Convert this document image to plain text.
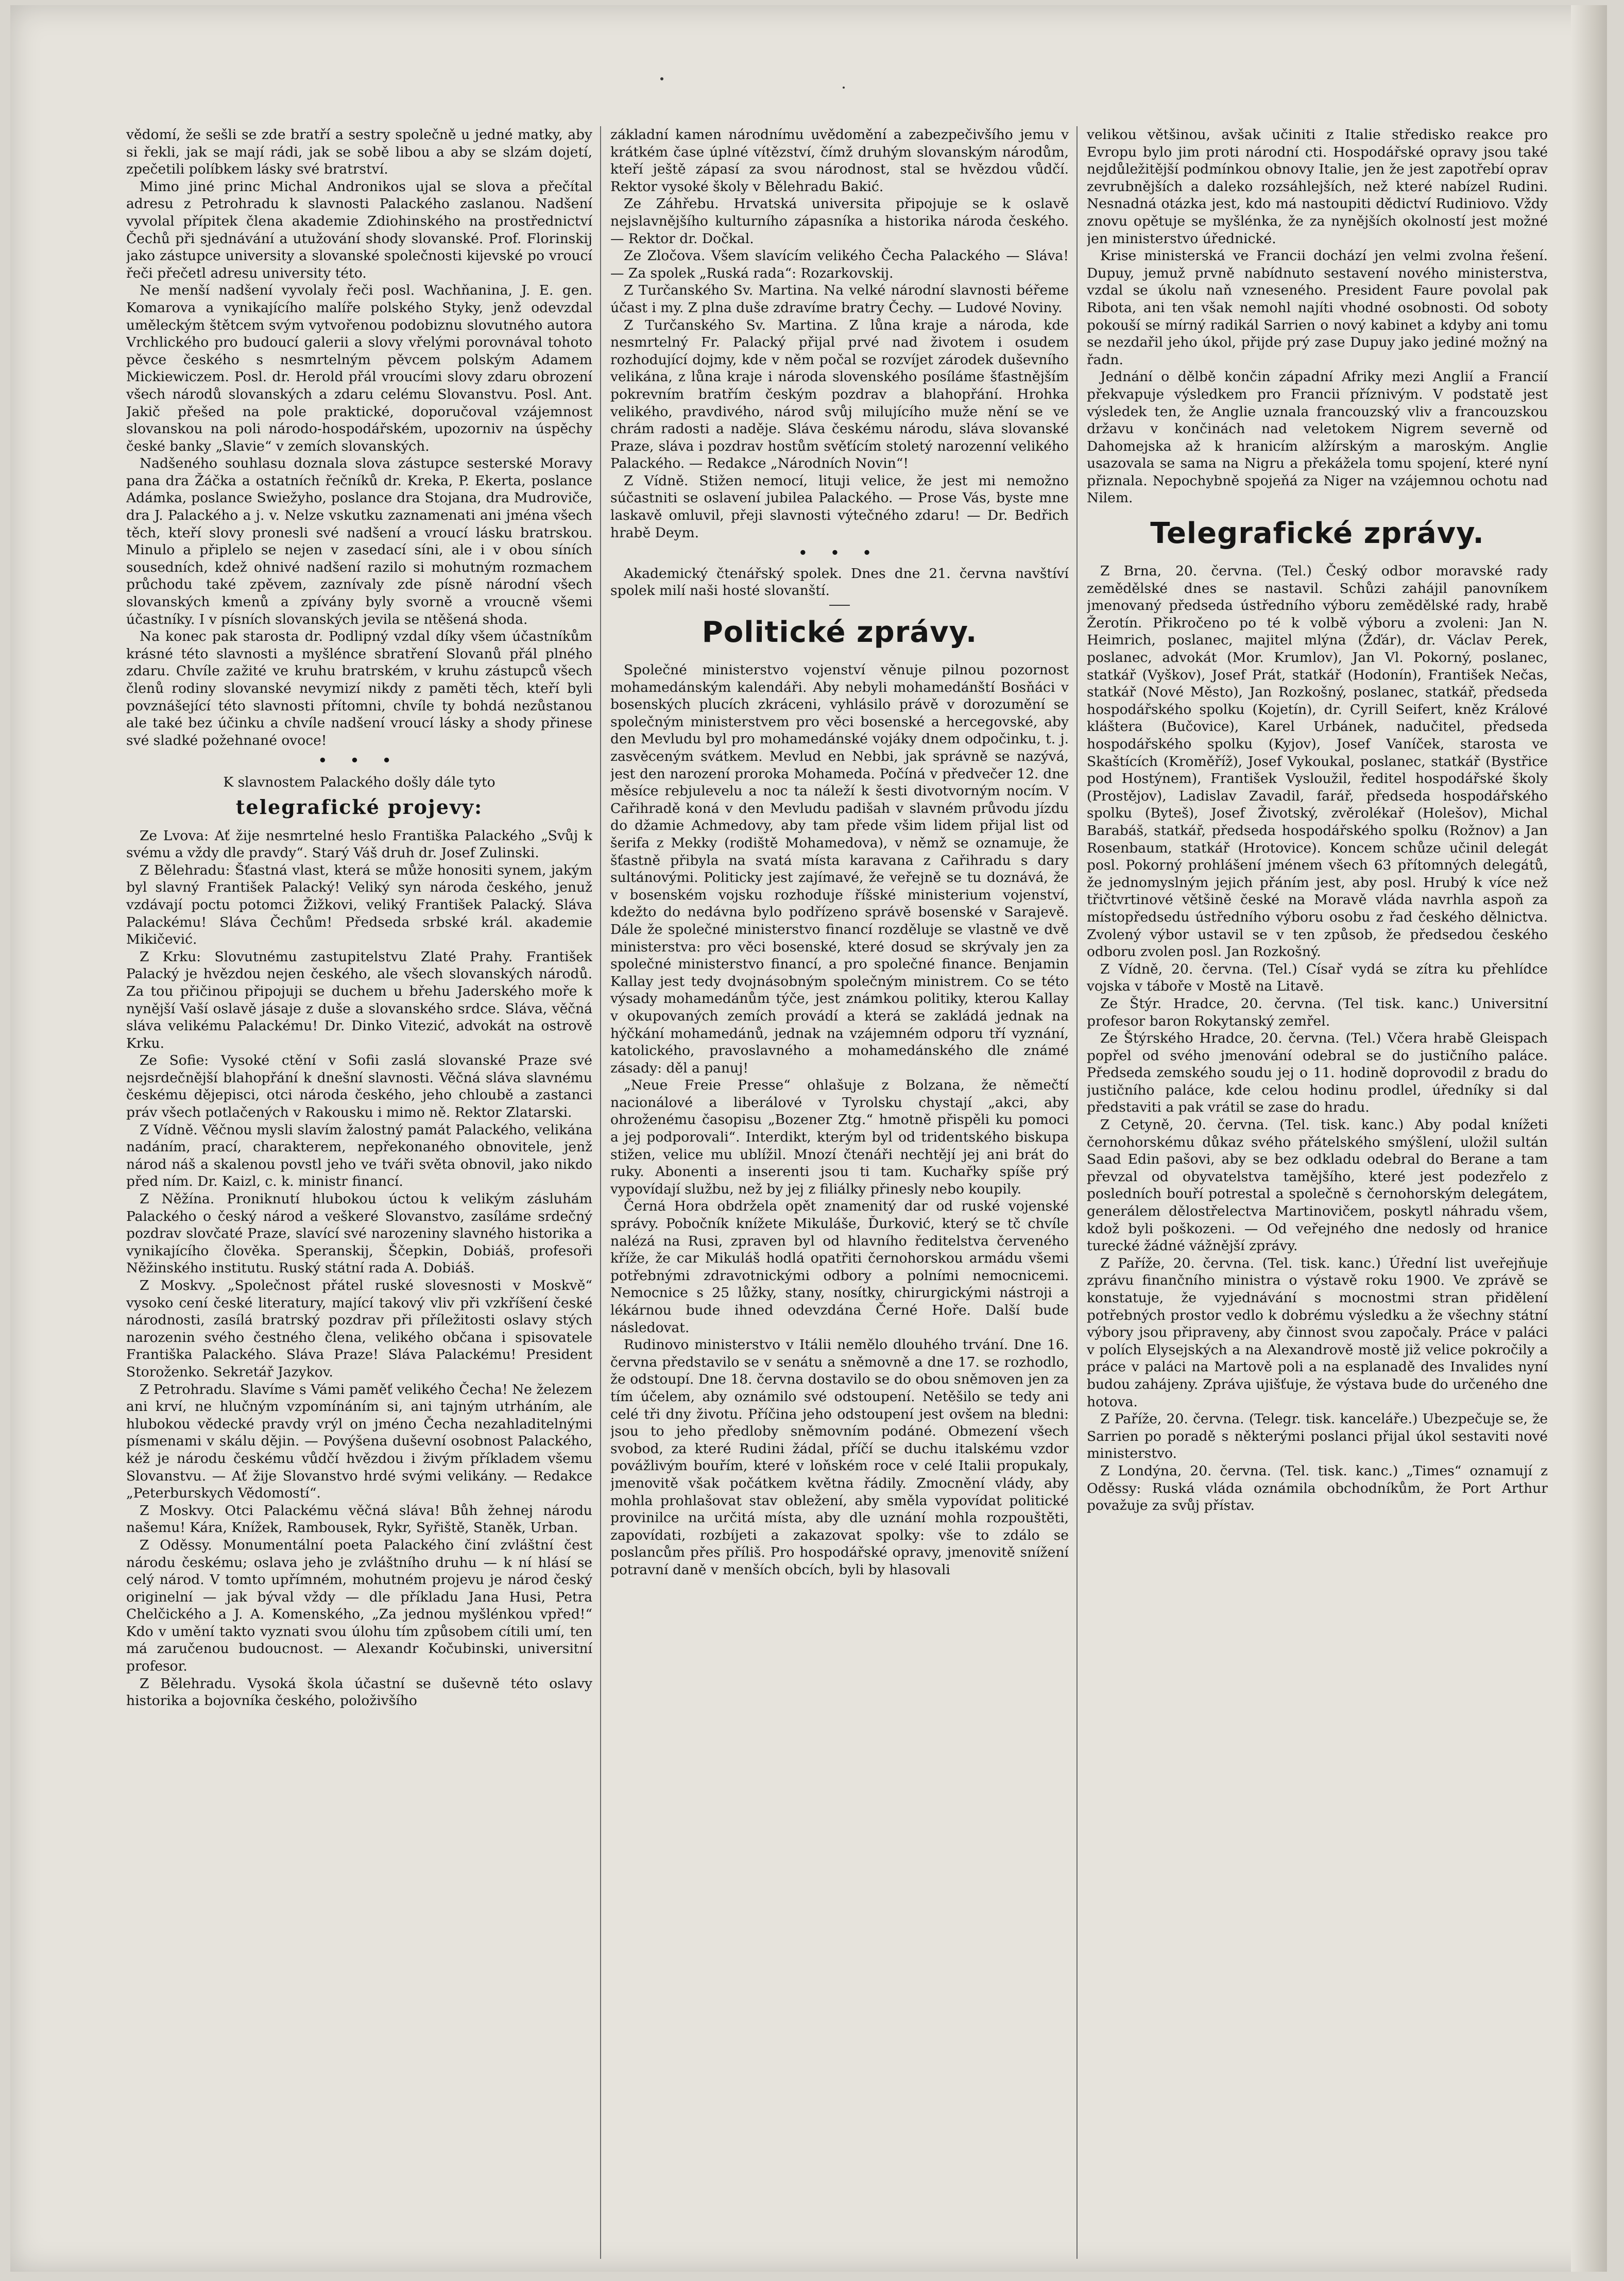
vědomí, že sešli se zde bratří a sestry společně u jedné matky, aby si řekli, jak se mají rádi, jak se sobě libou a aby se slzám dojetí, zpečetili políbkem lásky své bratrství.

Mimo jiné princ Michal Andronikos ujal se slova a přečítal adresu z Petrohradu k slavnosti Palackého zaslanou. Nadšení vyvolal přípitek člena akademie Zdiohinského na prostřednictví Čechů při sjednávání a utužování shody slovanské. Prof. Florinskij jako zástupce university a slovanské společnosti kijevské po vroucí řeči přečetl adresu university této.

Ne menší nadšení vyvolaly řeči posl. Wachňanina, J. E. gen. Komarova a vynikajícího malíře polského Styky, jenž odevzdal uměleckým štětcem svým vytvořenou podobiznu slovutného autora Vrchlického pro budoucí galerii a slovy vřelými porovnával tohoto pěvce českého s nesmrtelným pěvcem polským Adamem Mickiewiczem. Posl. dr. Herold přál vroucími slovy zdaru obrození všech národů slovanských a zdaru celému Slovanstvu. Posl. Ant. Jakič přešed na pole praktické, doporučoval vzájemnost slovanskou na poli národo-hospodářském, upozorniv na úspěchy české banky „Slavie“ v zemích slovanských.

Nadšeného souhlasu doznala slova zástupce sesterské Moravy pana dra Žáčka a ostatních řečníků dr. Kreka, P. Ekerta, poslance Adámka, poslance Swiežyho, poslance dra Stojana, dra Mudroviče, dra J. Palackého a j. v. Nelze vskutku zaznamenati ani jména všech těch, kteří slovy pronesli své nadšení a vroucí lásku bratrskou. Minulo a připlelo se nejen v zasedací síni, ale i v obou síních sousedních, kdež ohnivé nadšení razilo si mohutným rozmachem průchodu také zpěvem, zaznívaly zde písně národní všech slovanských kmenů a zpívány byly svorně a vroucně všemi účastníky. I v písních slovanských jevila se ntěšená shoda.

Na konec pak starosta dr. Podlipný vzdal díky všem účastníkům krásné této slavnosti a myšlénce sbratření Slovanů přál plného zdaru. Chvíle zažité ve kruhu bratrském, v kruhu zástupců všech členů rodiny slovanské nevymizí nikdy z paměti těch, kteří byli povznášející této slavnosti přítomni, chvíle ty bohdá nezůstanou ale také bez účinku a chvíle nadšení vroucí lásky a shody přinese své sladké požehnané ovoce!

• • •

K slavnostem Palackého došly dále tyto

telegrafické projevy:

Ze Lvova: Ať žije nesmrtelné heslo Františka Palackého „Svůj k svému a vždy dle pravdy“. Starý Váš druh dr. Josef Zulinski.

Z Bělehradu: Šťastná vlast, která se může honositi synem, jakým byl slavný František Palacký! Veliký syn národa českého, jenuž vzdávají poctu potomci Žižkovi, veliký František Palacký. Sláva Palackému! Sláva Čechům! Předseda srbské král. akademie Mikičević.

Z Krku: Slovutnému zastupitelstvu Zlaté Prahy. František Palacký je hvězdou nejen českého, ale všech slovanských národů. Za tou přičinou připojuji se duchem u břehu Jaderského moře k nynější Vaší oslavě jásaje z duše a slovanského srdce. Sláva, věčná sláva velikému Palackému! Dr. Dinko Vitezić, advokát na ostrově Krku.

Ze Sofie: Vysoké ctění v Sofii zaslá slovanské Praze své nejsrdečnější blahopřání k dnešní slavnosti. Věčná sláva slavnému českému dějepisci, otci národa českého, jeho chloubě a zastanci práv všech potlačených v Rakousku i mimo ně. Rektor Zlatarski.

Z Vídně. Věčnou mysli slavím žalostný památ Palackého, velikána nadáním, prací, charakterem, nepřekonaného obnovitele, jenž národ náš a skalenou povstl jeho ve tváři světa obnovil, jako nikdo před ním. Dr. Kaizl, c. k. ministr financí.

Z Něžína. Proniknutí hlubokou úctou k velikým zásluhám Palackého o český národ a veškeré Slovanstvo, zasíláme srdečný pozdrav slovčaté Praze, slavící své narozeniny slavného historika a vynikajícího člověka. Speranskij, Ščepkin, Dobiáš, profesoři Něžinského institutu. Ruský státní rada A. Dobiáš.

Z Moskvy. „Společnost přátel ruské slovesnosti v Moskvě“ vysoko cení české literatury, mající takový vliv při vzkříšení české národnosti, zasílá bratrský pozdrav při příležitosti oslavy stých narozenin svého čestného člena, velikého občana i spisovatele Františka Palackého. Sláva Praze! Sláva Palackému! President Storoženko. Sekretář Jazykov.

Z Petrohradu. Slavíme s Vámi paměť velikého Čecha! Ne železem ani krví, ne hlučným vzpomínáním si, ani tajným utrháním, ale hlubokou vědecké pravdy vrýl on jméno Čecha nezahladitelnými písmenami v skálu dějin. — Povýšena duševní osobnost Palackého, kéž je národu českému vůdčí hvězdou i živým příkladem všemu Slovanstvu. — Ať žije Slovanstvo hrdé svými velikány. — Redakce „Peterburskych Vědomostí“.

Z Moskvy. Otci Palackému věčná sláva! Bůh žehnej národu našemu! Kára, Knížek, Rambousek, Rykr, Syřiště, Staněk, Urban.

Z Oděssy. Monumentální poeta Palackého činí zvláštní čest národu českému; oslava jeho je zvláštního druhu — k ní hlásí se celý národ. V tomto upřímném, mohutném projevu je národ český originelní — jak býval vždy — dle příkladu Jana Husi, Petra Chelčického a J. A. Komenského, „Za jednou myšlénkou vpřed!“ Kdo v umění takto vyznati svou úlohu tím způsobem cítili umí, ten má zaručenou budoucnost. — Alexandr Kočubinski, universitní profesor.

Z Bělehradu. Vysoká škola účastní se duševně této oslavy historika a bojovníka českého, položivšího

základní kamen národnímu uvědomění a zabezpečivšího jemu v krátkém čase úplné vítězství, čímž druhým slovanským národům, kteří ještě zápasí za svou národnost, stal se hvězdou vůdčí. Rektor vysoké školy v Bělehradu Bakić.

Ze Záhřebu. Hrvatská universita připojuje se k oslavě nejslavnějšího kulturního zápasníka a historika národa českého. — Rektor dr. Dočkal.

Ze Zločova. Všem slavícím velikého Čecha Palackého — Sláva! — Za spolek „Ruská rada“: Rozarkovskij.

Z Turčanského Sv. Martina. Na velké národní slavnosti béřeme účast i my. Z plna duše zdravíme bratry Čechy. — Ludové Noviny.

Z Turčanského Sv. Martina. Z lůna kraje a národa, kde nesmrtelný Fr. Palacký přijal prvé nad životem i osudem rozhodující dojmy, kde v něm počal se rozvíjet zárodek duševního velikána, z lůna kraje i národa slovenského posíláme šťastnějším pokrevním bratřím českým pozdrav a blahopřání. Hrohka velikého, pravdivého, národ svůj milujícího muže nění se ve chrám radosti a naděje. Sláva českému národu, sláva slovanské Praze, sláva i pozdrav hostům svěťícím stoletý narozenní velikého Palackého. — Redakce „Národních Novin“!

Z Vídně. Stižen nemocí, lituji velice, že jest mi nemožno súčastniti se oslavení jubilea Palackého. — Prose Vás, byste mne laskavě omluvil, přeji slavnosti výtečného zdaru! — Dr. Bedřich hrabě Deym.

• • •

Akademický čtenářský spolek. Dnes dne 21. června navštíví spolek milí naši hosté slovanští.

Politické zprávy.

Společné ministerstvo vojenství věnuje pilnou pozornost mohamedánským kalendáři. Aby nebyli mohamedánští Bosňáci v bosenských plucích zkráceni, vyhlásilo právě v dorozumění se společným ministerstvem pro věci bosenské a hercegovské, aby den Mevludu byl pro mohamedánské vojáky dnem odpočinku, t. j. zasvěceným svátkem. Mevlud en Nebbi, jak správně se nazývá, jest den narození proroka Mohameda. Počíná v předvečer 12. dne měsíce rebjulevelu a noc ta náleží k šesti divotvorným nocím. V Cařihradě koná v den Mevludu padišah v slavném průvodu jízdu do džamie Achmedovy, aby tam přede všim lidem přijal list od šerifa z Mekky (rodiště Mohamedova), v němž se oznamuje, že šťastně přibyla na svatá místa karavana z Cařihradu s dary sultánovými. Politicky jest zajímavé, že veřejně se tu doznává, že v bosenském vojsku rozhoduje říšské ministerium vojenství, kdežto do nedávna bylo podřízeno správě bosenské v Sarajevě. Dále že společné ministerstvo financí rozděluje se vlastně ve dvě ministerstva: pro věci bosenské, které dosud se skrývaly jen za společné ministerstvo financí, a pro společné finance. Benjamin Kallay jest tedy dvojnásobným společným ministrem. Co se této výsady mohamedánům týče, jest známkou politiky, kterou Kallay v okupovaných zemích provádí a která se zakládá jednak na hýčkání mohamedánů, jednak na vzájemném odporu tří vyznání, katolického, pravoslavného a mohamedánského dle známé zásady: děl a panuj!

„Neue Freie Presse“ ohlašuje z Bolzana, že němečtí nacionálové a liberálové v Tyrolsku chystají „akci, aby ohroženému časopisu „Bozener Ztg.“ hmotně přispěli ku pomoci a jej podporovali“. Interdikt, kterým byl od tridentského biskupa stižen, velice mu ublížil. Mnozí čtenáři nechtějí jej ani brát do ruky. Abonenti a inserenti jsou ti tam. Kuchařky spíše prý vypovídají službu, než by jej z filiálky přinesly nebo koupily.

Černá Hora obdržela opět znamenitý dar od ruské vojenské správy. Pobočník knížete Mikuláše, Ďurković, který se tč chvíle nalézá na Rusi, zpraven byl od hlavního ředitelstva červeného kříže, že car Mikuláš hodlá opatřiti černohorskou armádu všemi potřebnými zdravotnickými odbory a polními nemocnicemi. Nemocnice s 25 lůžky, stany, nosítky, chirurgickými nástroji a lékárnou bude ihned odevzdána Černé Hoře. Další bude následovat.

Rudinovo ministerstvo v Itálii nemělo dlouhého trvání. Dne 16. června představilo se v senátu a sněmovně a dne 17. se rozhodlo, že odstoupí. Dne 18. června dostavilo se do obou sněmoven jen za tím účelem, aby oznámilo své odstoupení. Netěšilo se tedy ani celé tři dny životu. Příčina jeho odstoupení jest ovšem na bledni: jsou to jeho předloby sněmovním podáné. Obmezení všech svobod, za které Rudini žádal, příčí se duchu italskému vzdor povážlivým bouřím, které v loňském roce v celé Italii propukaly, jmenovitě však počátkem května řádily. Zmocnění vlády, aby mohla prohlašovat stav obležení, aby směla vypovídat politické provinilce na určitá místa, aby dle uznání mohla rozpouštěti, zapovídati, rozbíjeti a zakazovat spolky: vše to zdálo se poslancům přes příliš. Pro hospodářské opravy, jmenovitě snížení potravní daně v menších obcích, byli by hlasovali

velikou většinou, avšak učiniti z Italie středisko reakce pro Evropu bylo jim proti národní cti. Hospodářské opravy jsou také nejdůležitější podmínkou obnovy Italie, jen že jest zapotřebí oprav zevrubnějších a daleko rozsáhlejších, než které nabízel Rudini. Nesnadná otázka jest, kdo má nastoupiti dědictví Rudiniovo. Vždy znovu opětuje se myšlénka, že za nynějších okolností jest možné jen ministerstvo úřednické.

Krise ministerská ve Francii dochází jen velmi zvolna řešení. Dupuy, jemuž prvně nabídnuto sestavení nového ministerstva, vzdal se úkolu naň vzneseného. President Faure povolal pak Ribota, ani ten však nemohl najíti vhodné osobnosti. Od soboty pokouší se mírný radikál Sarrien o nový kabinet a kdyby ani tomu se nezdařil jeho úkol, přijde prý zase Dupuy jako jediné možný na řadn.

Jednání o dělbě končin západní Afriky mezi Anglií a Francií překvapuje výsledkem pro Francii příznivým. V podstatě jest výsledek ten, že Anglie uznala francouzský vliv a francouzskou državu v končinách nad veletokem Nigrem severně od Dahomejska až k hranicím alžírským a maroským. Anglie usazovala se sama na Nigru a překážela tomu spojení, které nyní přiznala. Nepochybně spojeňá za Niger na vzájemnou ochotu nad Nilem.

Telegrafické zprávy.

Z Brna, 20. června. (Tel.) Český odbor moravské rady zemědělské dnes se nastavil. Schůzi zahájil panovníkem jmenovaný předseda ústředního výboru zemědělské rady, hrabě Žerotín. Přikročeno po té k volbě výboru a zvoleni: Jan N. Heimrich, poslanec, majitel mlýna (Žďár), dr. Václav Perek, poslanec, advokát (Mor. Krumlov), Jan Vl. Pokorný, poslanec, statkář (Vyškov), Josef Prát, statkář (Hodonín), František Nečas, statkář (Nové Město), Jan Rozkošný, poslanec, statkář, předseda hospodářského spolku (Kojetín), dr. Cyrill Seifert, kněz Králové kláštera (Bučovice), Karel Urbánek, nadučitel, předseda hospodářského spolku (Kyjov), Josef Vaníček, starosta ve Skaštících (Kroměříž), Josef Vykoukal, poslanec, statkář (Bystřice pod Hostýnem), František Vysloužil, ředitel hospodářské školy (Prostějov), Ladislav Zavadil, farář, předseda hospodářského spolku (Byteš), Josef Životský, zvěrolékař (Holešov), Michal Barabáš, statkář, předseda hospodářského spolku (Rožnov) a Jan Rosenbaum, statkář (Hrotovice). Koncem schůze učinil delegát posl. Pokorný prohlášení jménem všech 63 přítomných delegátů, že jednomyslným jejich přáním jest, aby posl. Hrubý k více než třičtvrtinové většině české na Moravě vláda navrhla aspoň za místopředsedu ústředního výboru osobu z řad českého dělnictva. Zvolený výbor ustavil se v ten způsob, že předsedou českého odboru zvolen posl. Jan Rozkošný.

Z Vídně, 20. června. (Tel.) Císař vydá se zítra ku přehlídce vojska v táboře v Mostě na Litavě.

Ze Štýr. Hradce, 20. června. (Tel tisk. kanc.) Universitní profesor baron Rokytanský zemřel.

Ze Štýrského Hradce, 20. června. (Tel.) Včera hrabě Gleispach popřel od svého jmenování odebral se do justičního paláce. Předseda zemského soudu jej o 11. hodině doprovodil z bradu do justičního paláce, kde celou hodinu prodlel, úředníky si dal představiti a pak vrátil se zase do hradu.

Z Cetyně, 20. června. (Tel. tisk. kanc.) Aby podal knížeti černohorskému důkaz svého přátelského smýšlení, uložil sultán Saad Edin pašovi, aby se bez odkladu odebral do Berane a tam převzal od obyvatelstva tamějšího, které jest podezřelo z posledních bouří potrestal a společně s černohorským delegátem, generálem dělostřelectva Martinovičem, poskytl náhradu všem, kdož byli poškozeni. — Od veřejného dne nedosly od hranice turecké žádné vážnější zprávy.

Z Paříže, 20. června. (Tel. tisk. kanc.) Úřední list uveřejňuje zprávu finančního ministra o výstavě roku 1900. Ve zprávě se konstatuje, že vyjednávání s mocnostmi stran přidělení potřebných prostor vedlo k dobrému výsledku a že všechny státní výbory jsou připraveny, aby činnost svou započaly. Práce v paláci v polích Elysejských a na Alexandrově mostě již velice pokročily a práce v paláci na Martově poli a na esplanadě des Invalides nyní budou zahájeny. Zpráva ujišťuje, že výstava bude do určeného dne hotova.

Z Paříže, 20. června. (Telegr. tisk. kanceláře.) Ubezpečuje se, že Sarrien po poradě s některými poslanci přijal úkol sestaviti nové ministerstvo.

Z Londýna, 20. června. (Tel. tisk. kanc.) „Times“ oznamují z Oděssy: Ruská vláda oznámila obchodníkům, že Port Arthur považuje za svůj přístav.
